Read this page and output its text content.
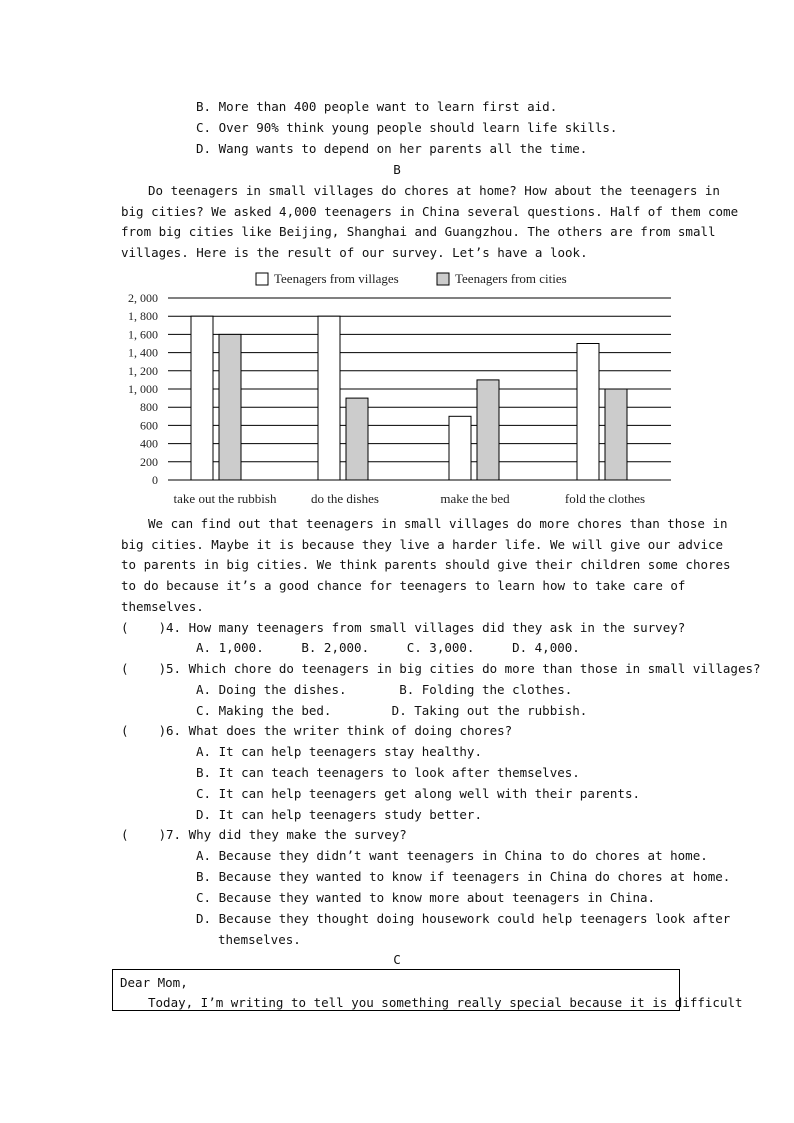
B. More than 400 people want to learn first aid.
C. Over 90% think young people should learn life skills.
D. Wang wants to depend on her parents all the time.
B
Do teenagers in small villages do chores at home? How about the teenagers in
big cities? We asked 4,000 teenagers in China several questions. Half of them come
from big cities like Beijing, Shanghai and Guangzhou. The others are from small
villages. Here is the result of our survey. Let’s have a look.
Teenagers from villages	Teenagers from cities
2, 000
1, 800
1, 600
1, 400
1, 200
1, 000
800
600
400
200
0
take out the rubbish	do the dishes	make the bed	fold the clothes
We can find out that teenagers in small villages do more chores than those in
big cities. Maybe it is because they live a harder life. We will give our advice
to parents in big cities. We think parents should give their children some chores
to do because it’s a good chance for teenagers to learn how to take care of
themselves.
(    ) 4. How many teenagers from small villages did they ask in the survey?
A. 1,000.     B. 2,000.     C. 3,000.     D. 4,000.
(    ) 5. Which chore do teenagers in big cities do more than those in small villages?
A. Doing the dishes.       B. Folding the clothes.
C. Making the bed.        D. Taking out the rubbish.
(    ) 6. What does the writer think of doing chores?
A. It can help teenagers stay healthy.
B. It can teach teenagers to look after themselves.
C. It can help teenagers get along well with their parents.
D. It can help teenagers study better.
(    ) 7. Why did they make the survey?
A. Because they didn’t want teenagers in China to do chores at home.
B. Because they wanted to know if teenagers in China do chores at home.
C. Because they wanted to know more about teenagers in China.
D. Because they thought doing housework could help teenagers look after
themselves.
C
Dear Mom,
Today, I’m writing to tell you something really special because it is difficult
